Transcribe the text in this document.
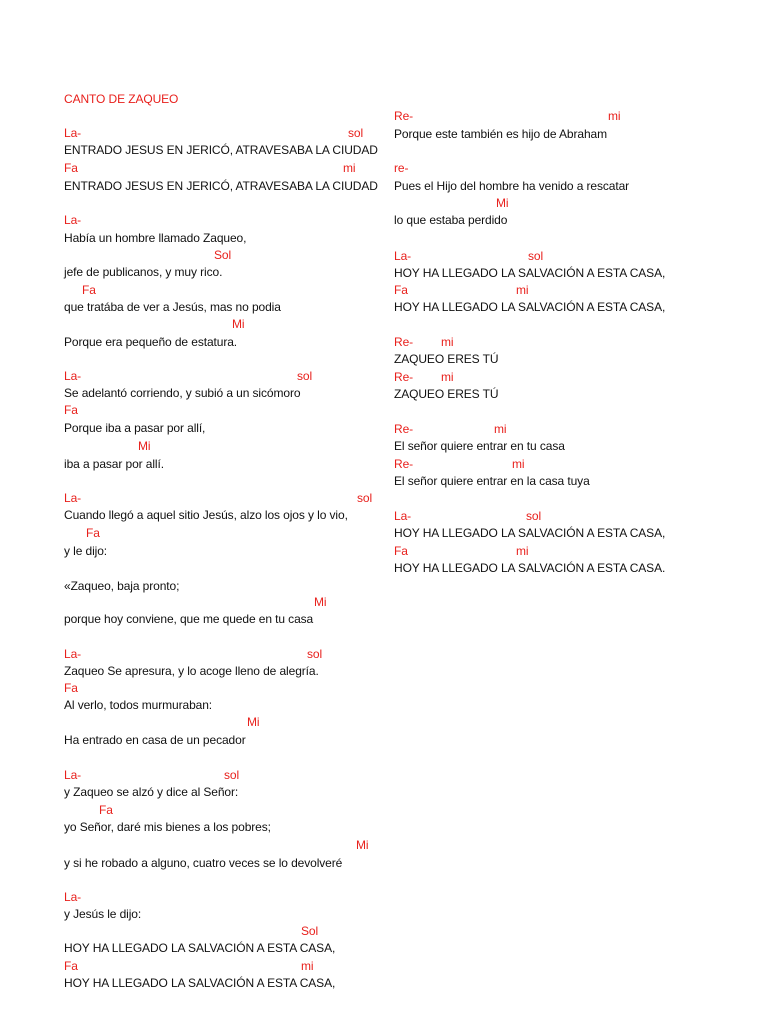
CANTO DE ZAQUEO
La-	sol
ENTRADO JESUS EN JERICÓ, ATRAVESABA LA CIUDAD
Fa	mi
ENTRADO JESUS EN JERICÓ, ATRAVESABA LA CIUDAD
La-
Había un hombre llamado Zaqueo,
Sol
jefe de publicanos, y muy rico.
Fa
que tratába de ver a Jesús, mas no podia
Mi
Porque era pequeño de estatura.
La-	sol
Se adelantó corriendo, y subió a un sicómoro
Fa
Porque iba a pasar por allí,
Mi
iba a pasar por allí.
La-	sol
Cuando llegó a aquel sitio Jesús, alzo los ojos y lo vio,
Fa
y le dijo:
«Zaqueo, baja pronto;
Mi
porque hoy conviene, que me quede en tu casa
La-	sol
Zaqueo Se apresura, y lo acoge lleno de alegría.
Fa
Al verlo, todos murmuraban:
Mi
Ha entrado en casa de un pecador
La-	sol
y Zaqueo se alzó y dice al Señor:
Fa
yo Señor, daré mis bienes a los pobres;
Mi
y si he robado a alguno, cuatro veces se lo devolveré
La-
y Jesús le dijo:
Sol
HOY HA LLEGADO LA SALVACIÓN A ESTA CASA,
Fa	mi
HOY HA LLEGADO LA SALVACIÓN A ESTA CASA,
Re-	mi
Porque este también es hijo de Abraham
re-
Pues el Hijo del hombre ha venido a rescatar
Mi
lo que estaba perdido
La-	sol
HOY HA LLEGADO LA SALVACIÓN A ESTA CASA,
Fa	mi
HOY HA LLEGADO LA SALVACIÓN A ESTA CASA,
Re- mi
ZAQUEO ERES TÚ
Re- mi
ZAQUEO ERES TÚ
Re-	mi
El señor quiere entrar en tu casa
Re-	mi
El señor quiere entrar en la casa tuya
La-	sol
HOY HA LLEGADO LA SALVACIÓN A ESTA CASA,
Fa	mi
HOY HA LLEGADO LA SALVACIÓN A ESTA CASA.
